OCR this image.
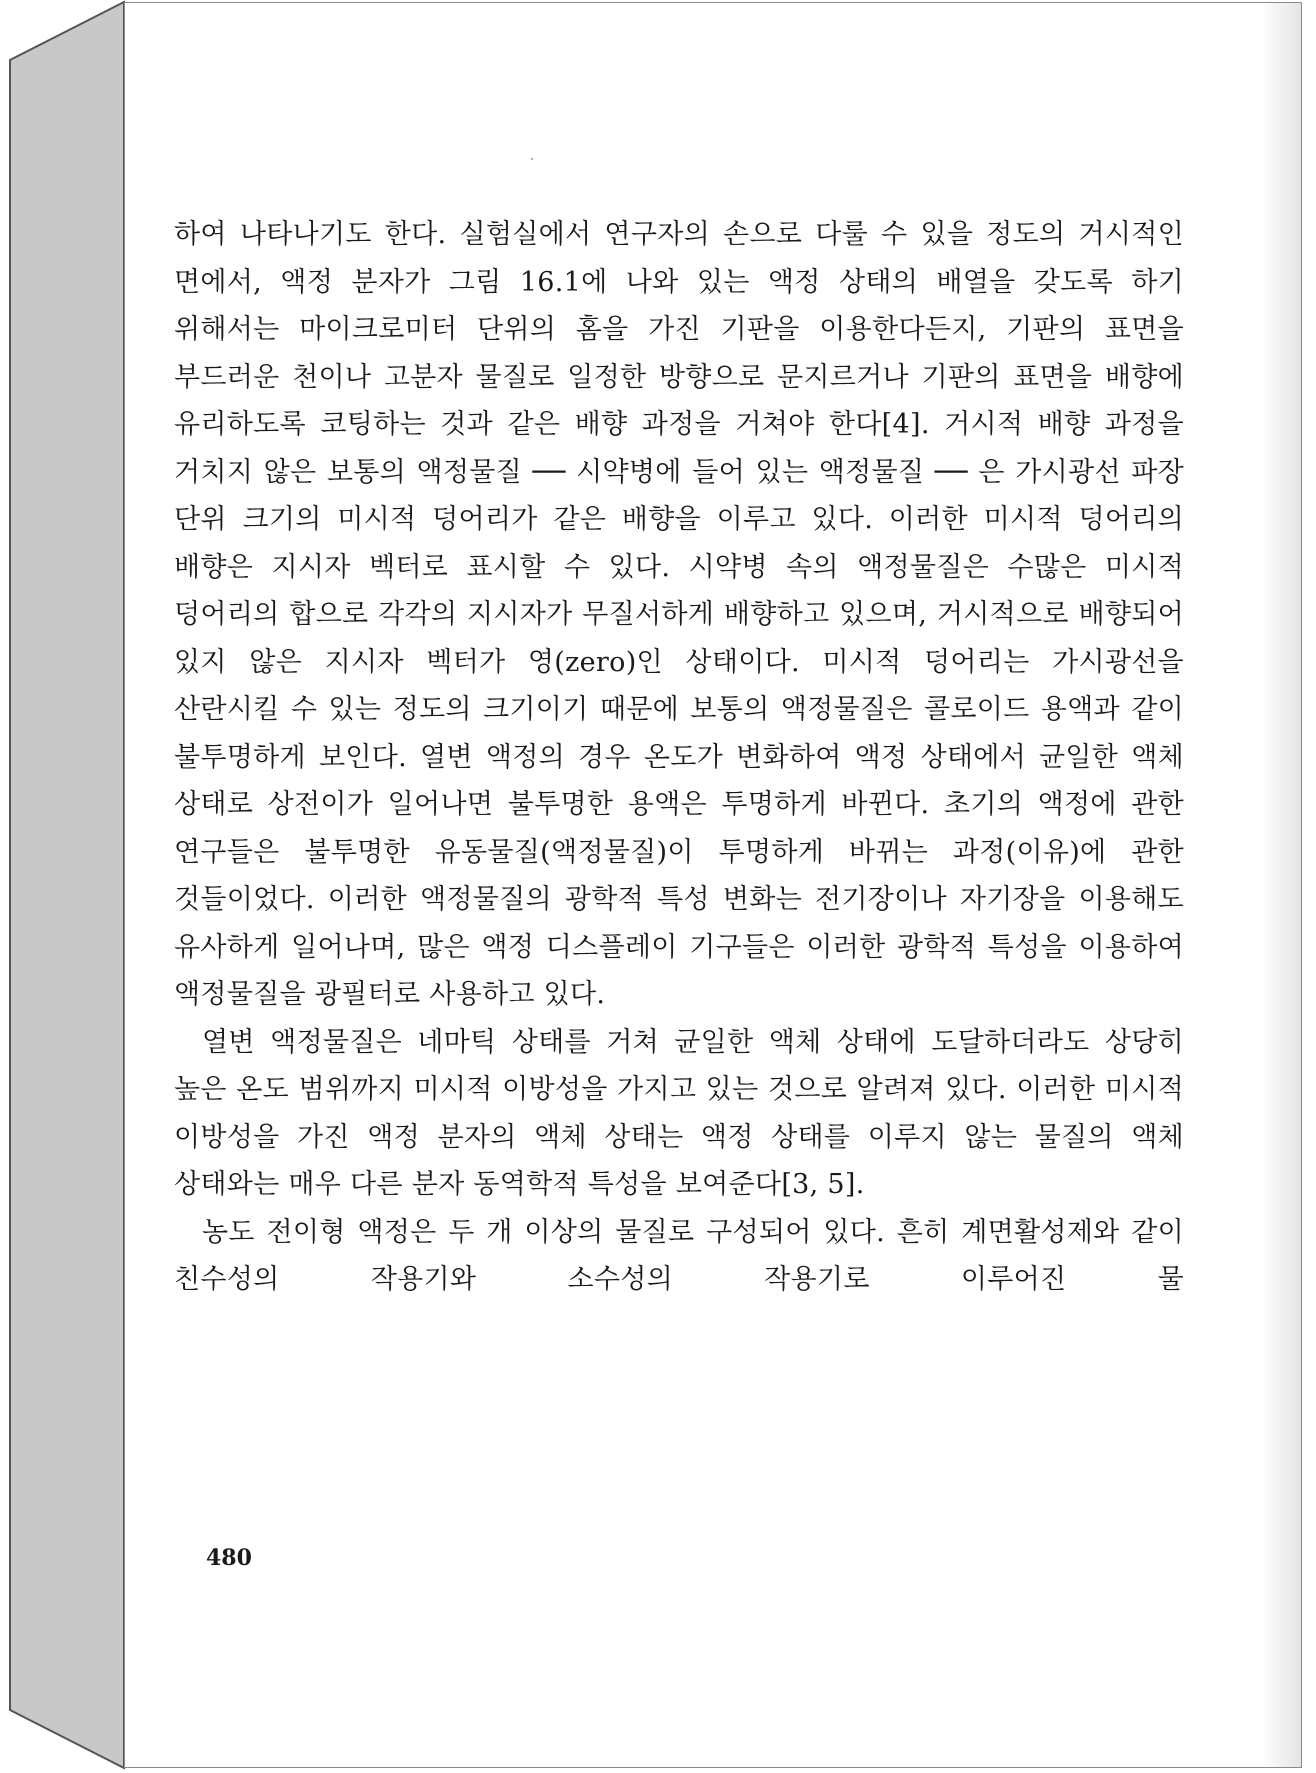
하여 나타나기도 한다. 실험실에서 연구자의 손으로 다룰 수 있을 정도의 거시적인 면에서, 액정 분자가 그림 16.1에 나와 있는 액정 상태의 배열을 갖도록 하기 위해서는 마이크로미터 단위의 홈을 가진 기판을 이용한다든지, 기판의 표면을 부드러운 천이나 고분자 물질로 일정한 방향으로 문지르거나 기판의 표면을 배향에 유리하도록 코팅하는 것과 같은 배향 과정을 거쳐야 한다[4]. 거시적 배향 과정을 거치지 않은 보통의 액정물질 ── 시약병에 들어 있는 액정물질 ── 은 가시광선 파장 단위 크기의 미시적 덩어리가 같은 배향을 이루고 있다. 이러한 미시적 덩어리의 배향은 지시자 벡터로 표시할 수 있다. 시약병 속의 액정물질은 수많은 미시적 덩어리의 합으로 각각의 지시자가 무질서하게 배향하고 있으며, 거시적으로 배향되어 있지 않은 지시자 벡터가 영(zero)인 상태이다. 미시적 덩어리는 가시광선을 산란시킬 수 있는 정도의 크기이기 때문에 보통의 액정물질은 콜로이드 용액과 같이 불투명하게 보인다. 열변 액정의 경우 온도가 변화하여 액정 상태에서 균일한 액체 상태로 상전이가 일어나면 불투명한 용액은 투명하게 바뀐다. 초기의 액정에 관한 연구들은 불투명한 유동물질(액정물질)이 투명하게 바뀌는 과정(이유)에 관한 것들이었다. 이러한 액정물질의 광학적 특성 변화는 전기장이나 자기장을 이용해도 유사하게 일어나며, 많은 액정 디스플레이 기구들은 이러한 광학적 특성을 이용하여 액정물질을 광필터로 사용하고 있다.

열변 액정물질은 네마틱 상태를 거쳐 균일한 액체 상태에 도달하더라도 상당히 높은 온도 범위까지 미시적 이방성을 가지고 있는 것으로 알려져 있다. 이러한 미시적 이방성을 가진 액정 분자의 액체 상태는 액정 상태를 이루지 않는 물질의 액체 상태와는 매우 다른 분자 동역학적 특성을 보여준다[3, 5].

농도 전이형 액정은 두 개 이상의 물질로 구성되어 있다. 흔히 계면활성제와 같이 친수성의 작용기와 소수성의 작용기로 이루어진 물

480
